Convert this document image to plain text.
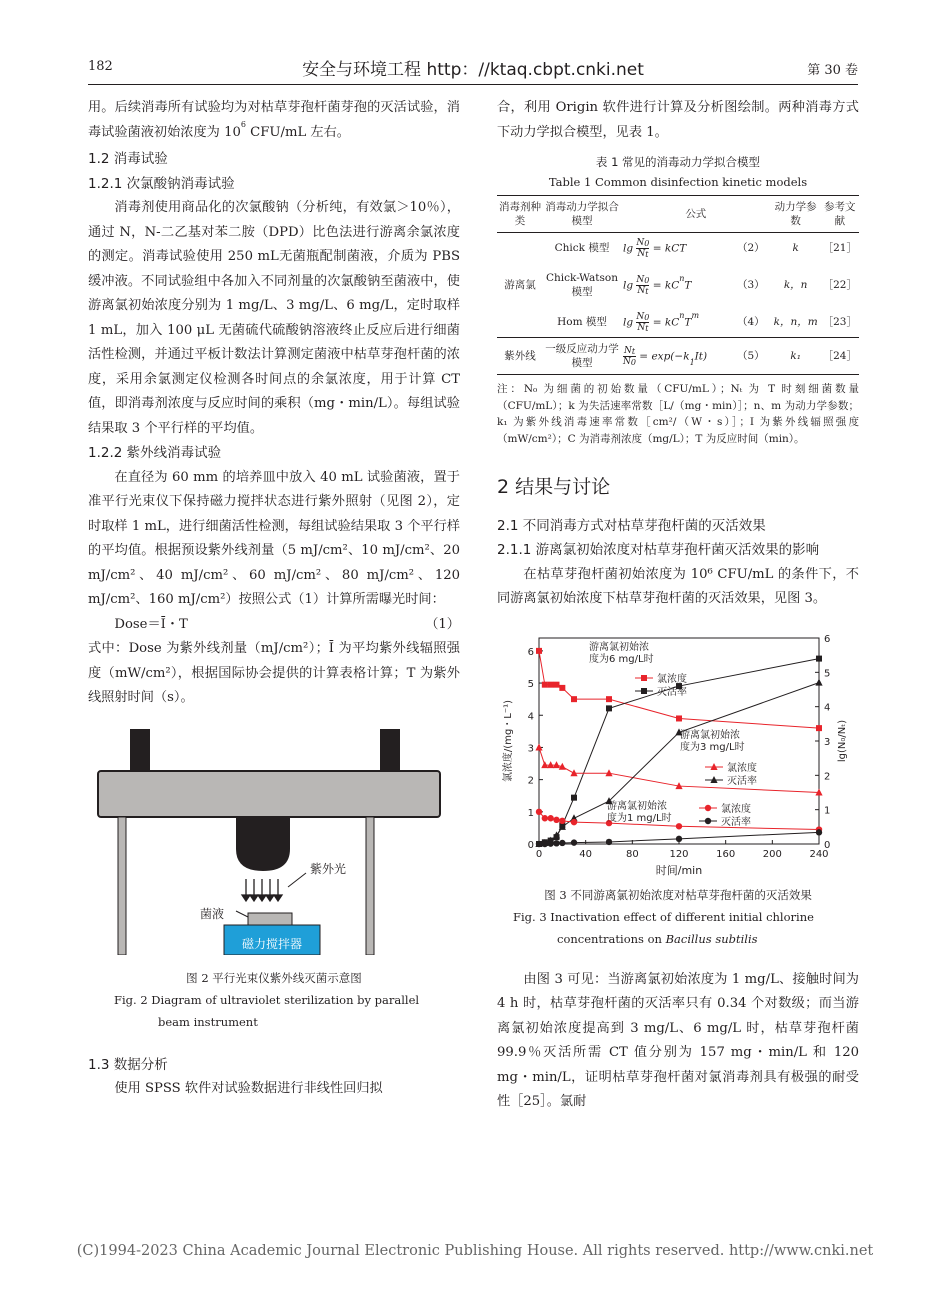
182	安全与环境工程 http：//ktaq.cbpt.cnki.net	第 30 卷
用。后续消毒所有试验均为对枯草芽孢杆菌芽孢的灭活试验，消毒试验菌液初始浓度为 $10^6$ CFU/mL 左右。
1.2 消毒试验
1.2.1 次氯酸钠消毒试验
消毒剂使用商品化的次氯酸钠（分析纯，有效氯＞10％），通过 N，N-二乙基对苯二胺（DPD）比色法进行游离余氯浓度的测定。消毒试验使用 250 mL无菌瓶配制菌液，介质为 PBS 缓冲液。不同试验组中各加入不同剂量的次氯酸钠至菌液中，使游离氯初始浓度分别为 1 mg/L、3 mg/L、6 mg/L，定时取样 1 mL，加入 100 μL 无菌硫代硫酸钠溶液终止反应后进行细菌活性检测，并通过平板计数法计算测定菌液中枯草芽孢杆菌的浓度，采用余氯测定仪检测各时间点的余氯浓度，用于计算 CT 值，即消毒剂浓度与反应时间的乘积（mg・min/L）。每组试验结果取 3 个平行样的平均值。
1.2.2 紫外线消毒试验
在直径为 60 mm 的培养皿中放入 40 mL 试验菌液，置于准平行光束仪下保持磁力搅拌状态进行紫外照射（见图 2），定时取样 1 mL，进行细菌活性检测，每组试验结果取 3 个平行样的平均值。根据预设紫外线剂量（5 mJ/cm²、10 mJ/cm²、20 mJ/cm²、40 mJ/cm²、60 mJ/cm²、80 mJ/cm²、120 mJ/cm²、160 mJ/cm²）按照公式（1）计算所需曝光时间：
Dose＝Ī・T	（1）
式中：Dose 为紫外线剂量（mJ/cm²）；Ī 为平均紫外线辐照强度（mW/cm²），根据国际协会提供的计算表格计算；T 为紫外线照射时间（s）。
紫外光
菌液
磁力搅拌器
图 2 平行光束仪紫外线灭菌示意图
Fig. 2 Diagram of ultraviolet sterilization by parallel
beam instrument
1.3 数据分析
使用 SPSS 软件对试验数据进行非线性回归拟
合，利用 Origin 软件进行计算及分析图绘制。两种消毒方式下动力学拟合模型，见表 1。
表 1 常见的消毒动力学拟合模型
Table 1 Common disinfection kinetic models
消毒剂种类	消毒动力学拟合模型	公式		动力学参数	参考文献
游离氯	Chick 模型	$\lg \frac{N0}{Nt}$ = kCT	（2）	k	［21］
	Chick-Watson 模型	$\lg \frac{N0}{Nt} = kC^nT$	（3）	k，n	［22］
	Hom 模型	$\lg \frac{N0}{Nt} = kC^nT^m$	（4）	k，n，m	［23］
紫外线	一级反应动力学模型	$\frac{Nt}{N0} = \exp(-k1It)$	（5）	k₁	［24］
注：N₀ 为细菌的初始数量（CFU/mL）；Nₜ 为 T 时刻细菌数量（CFU/mL）；k 为失活速率常数［L/（mg・min）］；n、m 为动力学参数；k₁ 为紫外线消毒速率常数［cm²/（W・s）］；I 为紫外线辐照强度（mW/cm²）；C 为消毒剂浓度（mg/L）；T 为反应时间（min）。
2 结果与讨论
2.1 不同消毒方式对枯草芽孢杆菌的灭活效果
2.1.1 游离氯初始浓度对枯草芽孢杆菌灭活效果的影响
在枯草芽孢杆菌初始浓度为 10⁶ CFU/mL 的条件下，不同游离氯初始浓度下枯草芽孢杆菌的灭活效果，见图 3。
0	40	80	120	160	200	240
0
1
2
3
4
5
6
0
1
2
3
4
5
6
时间/min
氯浓度/(mg・L⁻¹)	lg(N₀/Nₜ)
游离氯初始浓
度为6 mg/L时
氯浓度
灭活率
游离氯初始浓
度为3 mg/L时
氯浓度
灭活率
游离氯初始浓
度为1 mg/L时
氯浓度
灭活率
图 3 不同游离氯初始浓度对枯草芽孢杆菌的灭活效果
Fig. 3 Inactivation effect of different initial chlorine
concentrations on Bacillus subtilis
由图 3 可见：当游离氯初始浓度为 1 mg/L、接触时间为 4 h 时，枯草芽孢杆菌的灭活率只有 0.34 个对数级；而当游离氯初始浓度提高到 3 mg/L、6 mg/L 时，枯草芽孢杆菌 99.9％灭活所需 CT 值分别为 157 mg・min/L 和 120 mg・min/L，证明枯草芽孢杆菌对氯消毒剂具有极强的耐受性［25］。氯耐
(C)1994-2023 China Academic Journal Electronic Publishing House. All rights reserved. http://www.cnki.net
